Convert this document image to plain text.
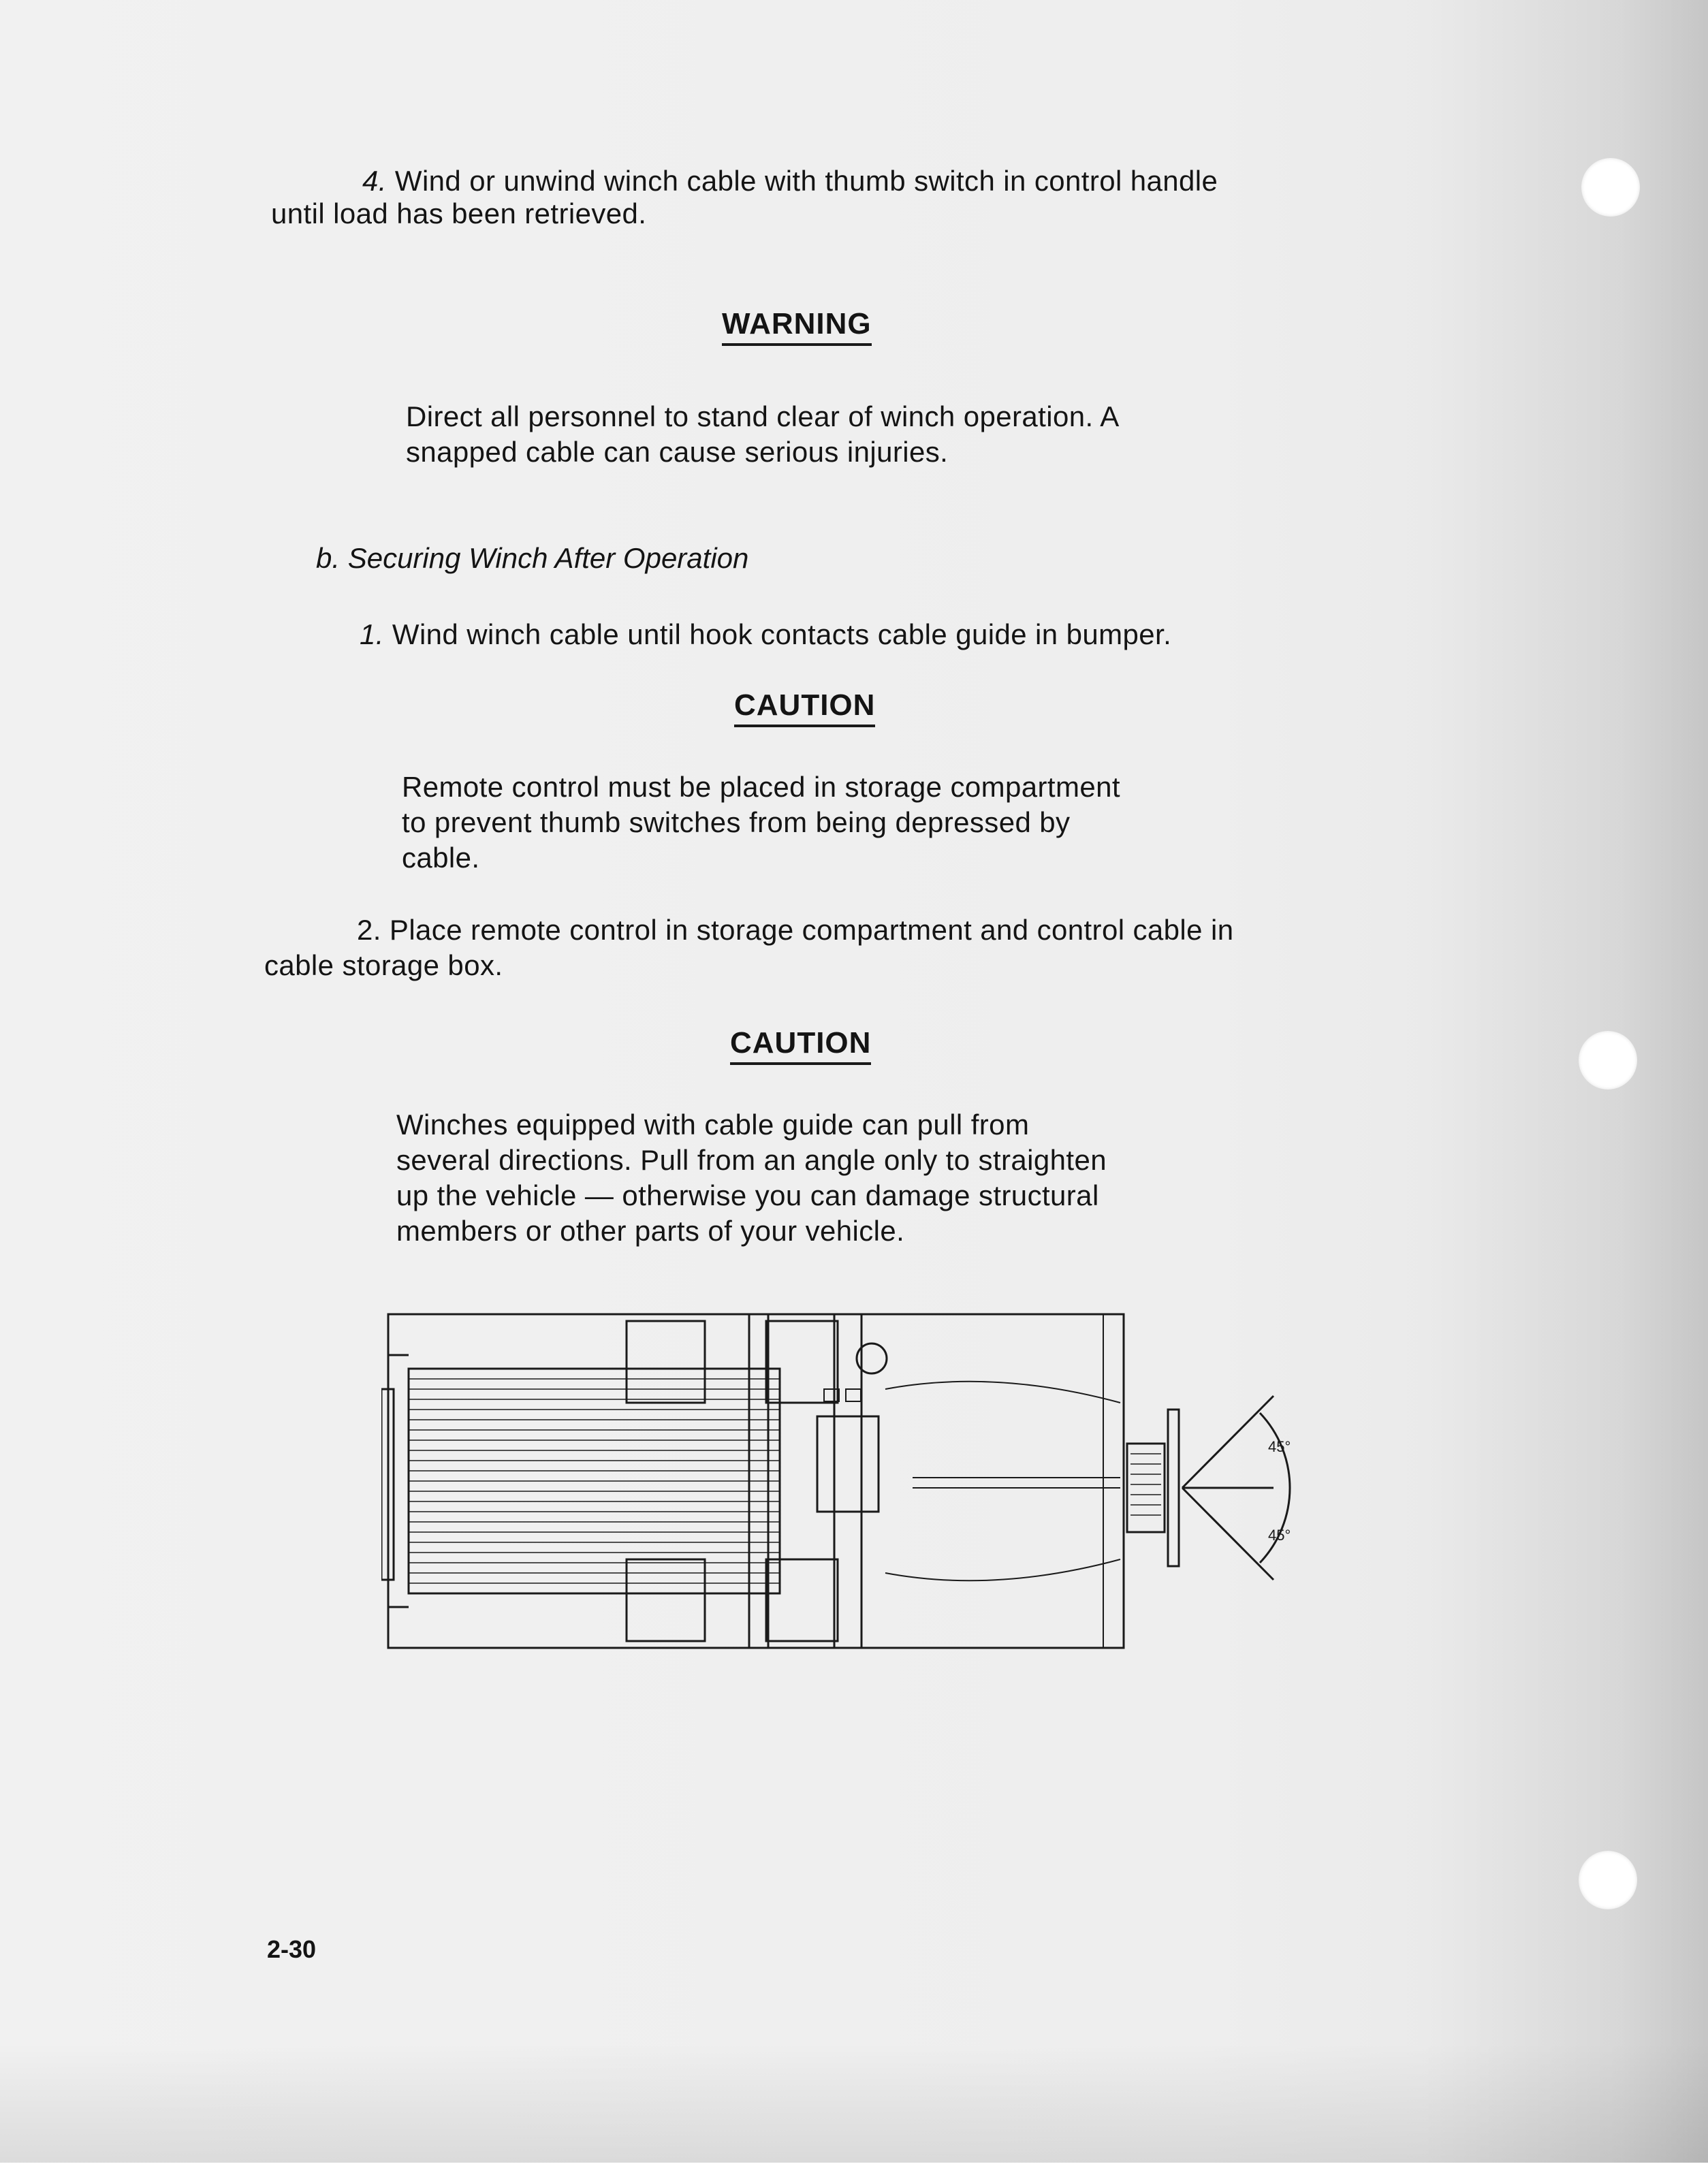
4. Wind or unwind winch cable with thumb switch in control handle
until load has been retrieved.
WARNING
Direct all personnel to stand clear of winch operation. A
snapped cable can cause serious injuries.
b. Securing Winch After Operation
1. Wind winch cable until hook contacts cable guide in bumper.
CAUTION
Remote control must be placed in storage compartment
to prevent thumb switches from being depressed by
cable.
2. Place remote control in storage compartment and control cable in
cable storage box.
CAUTION
Winches equipped with cable guide can pull from
several directions. Pull from an angle only to straighten
up the vehicle — otherwise you can damage structural
members or other parts of your vehicle.
45°
45°
2-30
